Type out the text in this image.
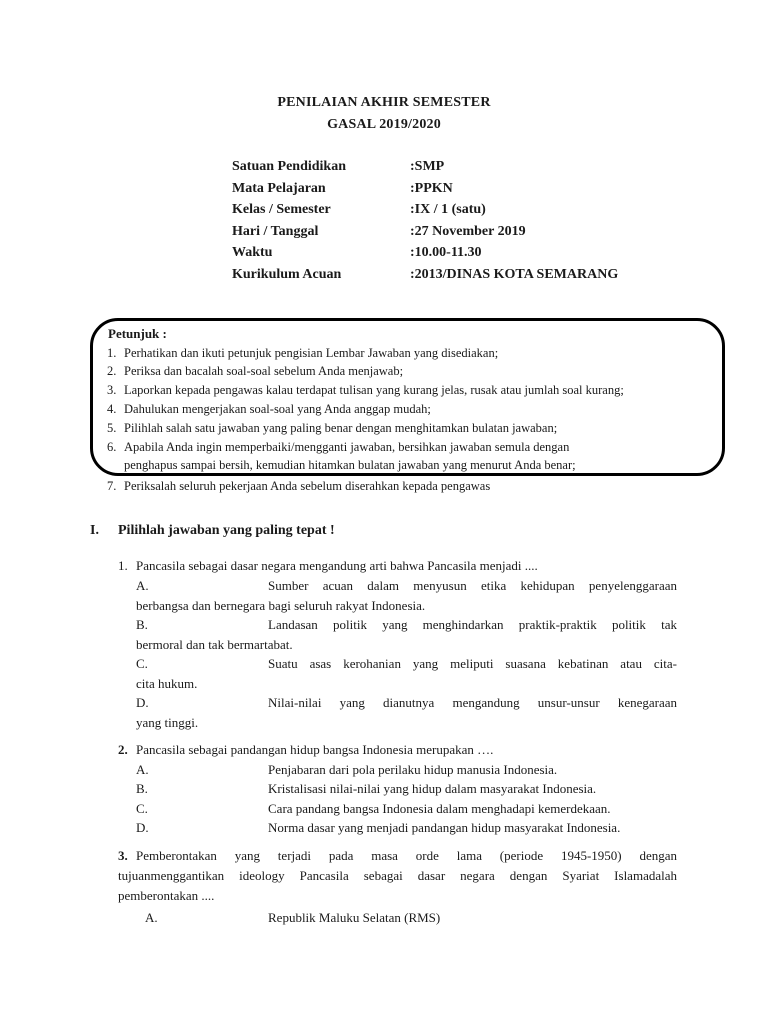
PENILAIAN AKHIR SEMESTER
GASAL 2019/2020
Satuan Pendidikan	:SMP
Mata Pelajaran	:PPKN
Kelas / Semester	:IX / 1 (satu)
Hari / Tanggal	:27 November 2019
Waktu	:10.00-11.30
Kurikulum Acuan	:2013/DINAS KOTA SEMARANG
Petunjuk :
1. Perhatikan dan ikuti petunjuk pengisian Lembar Jawaban yang disediakan;
2. Periksa dan bacalah soal-soal sebelum Anda menjawab;
3. Laporkan kepada pengawas kalau terdapat tulisan yang kurang jelas, rusak atau jumlah soal kurang;
4. Dahulukan mengerjakan soal-soal yang Anda anggap mudah;
5. Pilihlah salah satu jawaban yang paling benar dengan menghitamkan bulatan jawaban;
6. Apabila Anda ingin memperbaiki/mengganti jawaban, bersihkan jawaban semula dengan
penghapus sampai bersih, kemudian hitamkan bulatan jawaban yang menurut Anda benar;
7. Periksalah seluruh pekerjaan Anda sebelum diserahkan kepada pengawas
I. Pilihlah jawaban yang paling tepat !
1. Pancasila sebagai dasar negara mengandung arti bahwa Pancasila menjadi ....
A.	Sumber acuan dalam menyusun etika kehidupan penyelenggaraan
berbangsa dan bernegara bagi seluruh rakyat Indonesia.
B.	Landasan politik yang menghindarkan praktik-praktik politik tak
bermoral dan tak bermartabat.
C.	Suatu asas kerohanian yang meliputi suasana kebatinan atau cita-
cita hukum.
D.	Nilai-nilai yang dianutnya mengandung unsur-unsur kenegaraan
yang tinggi.
2. Pancasila sebagai pandangan hidup bangsa Indonesia merupakan ….
A.	Penjabaran dari pola perilaku hidup manusia Indonesia.
B.	Kristalisasi nilai-nilai yang hidup dalam masyarakat Indonesia.
C.	Cara pandang bangsa Indonesia dalam menghadapi kemerdekaan.
D.	Norma dasar yang menjadi pandangan hidup masyarakat Indonesia.
3. Pemberontakan yang terjadi pada masa orde lama (periode 1945-1950) dengan
tujuanmenggantikan ideology Pancasila sebagai dasar negara dengan Syariat Islamadalah
pemberontakan ....
A.	Republik Maluku Selatan (RMS)
